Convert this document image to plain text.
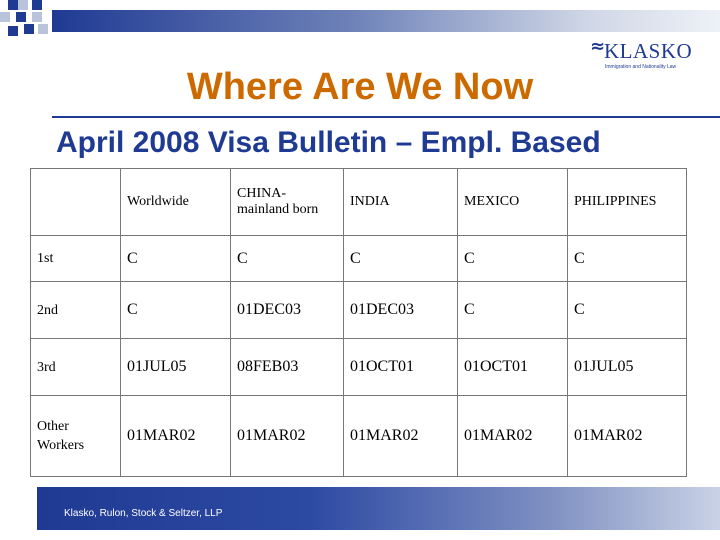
≈
KLASKO
Immigration and Nationality Law
Where Are We Now
April 2008 Visa Bulletin – Empl. Based
	Worldwide	CHINA-mainland born	INDIA	MEXICO	PHILIPPINES
1st	C	C	C	C	C
2nd	C	01DEC03	01DEC03	C	C
3rd	01JUL05	08FEB03	01OCT01	01OCT01	01JUL05
Other Workers	01MAR02	01MAR02	01MAR02	01MAR02	01MAR02
Klasko, Rulon, Stock & Seltzer, LLP
